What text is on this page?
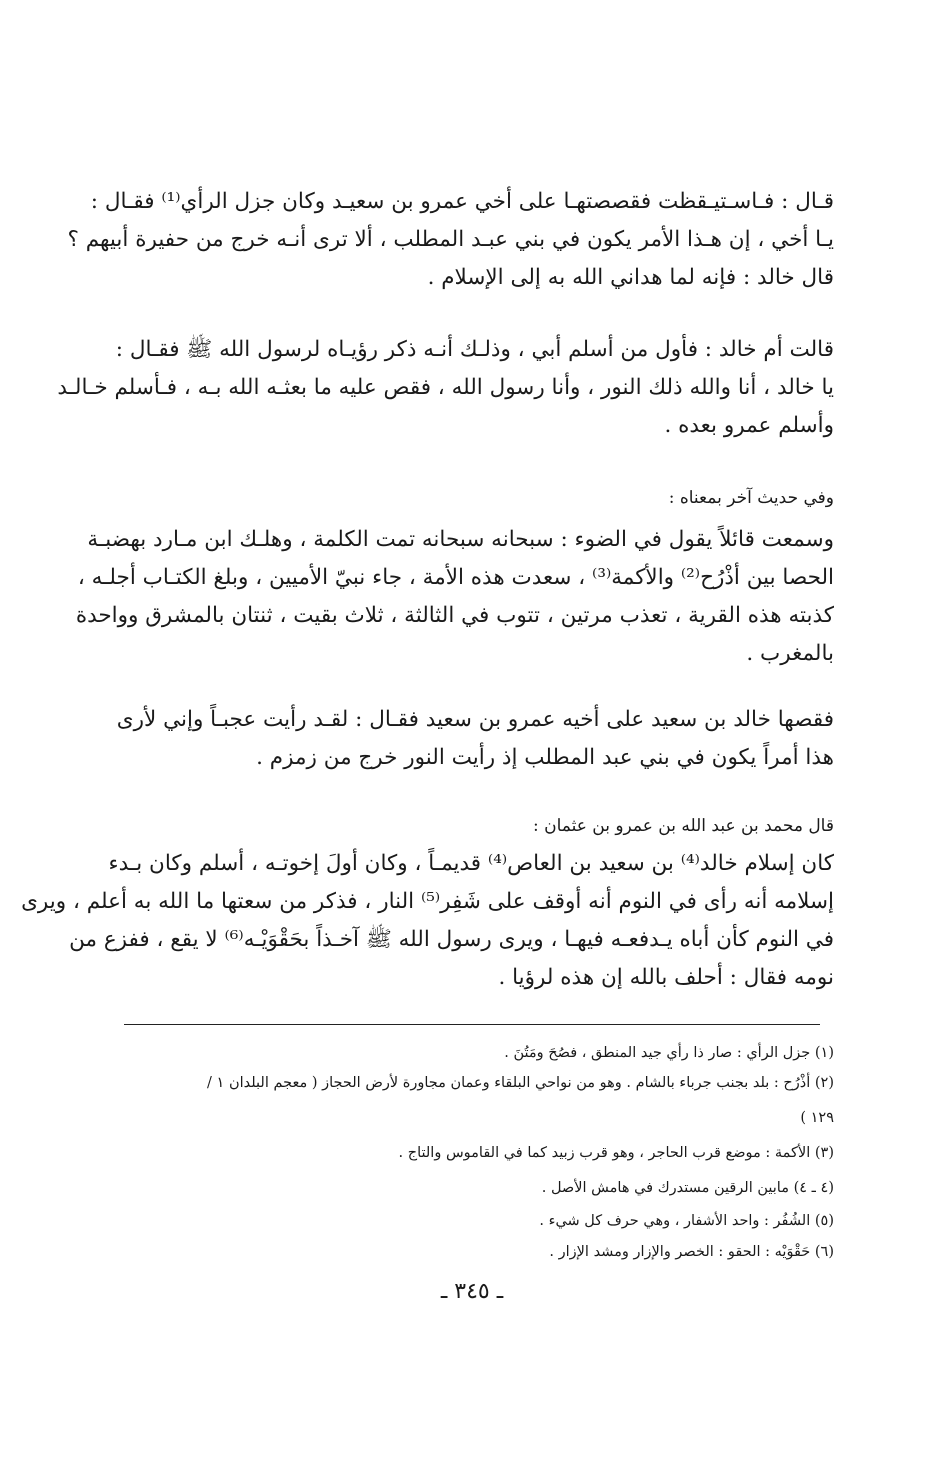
قـال : فـاسـتيـقظت فقصصتهـا على أخي عمرو بن سعيـد وكان جزل الرأي⁽¹⁾ فقـال :
يـا أخي ، إن هـذا الأمر يكون في بني عبـد المطلب ، ألا ترى أنـه خرج من حفيرة أبيهم ؟
قال خالد : فإنه لما هداني الله به إلى الإسلام .
قالت أم خالد : فأول من أسلم أبي ، وذلـك أنـه ذكر رؤيـاه لرسول الله ﷺ فقـال :
يا خالد ، أنا والله ذلك النور ، وأنا رسول الله ، فقص عليه ما بعثـه الله بـه ، فـأسلم خـالـد
وأسلم عمرو بعده .
وفي حديث آخر بمعناه :
وسمعت قائلاً يقول في الضوء : سبحانه سبحانه تمت الكلمة ، وهلـك ابن مـارد بهضبـة
الحصا بين أذْرُح⁽²⁾ والأكمة⁽³⁾ ، سعدت هذه الأمة ، جاء نبيّ الأميين ، وبلغ الكتـاب أجلـه ،
كذبته هذه القرية ، تعذب مرتين ، تتوب في الثالثة ، ثلاث بقيت ، ثنتان بالمشرق وواحدة
بالمغرب .
فقصها خالد بن سعيد على أخيه عمرو بن سعيد فقـال : لقـد رأيت عجبـاً وإني لأرى
هذا أمراً يكون في بني عبد المطلب إذ رأيت النور خرج من زمزم .
قال محمد بن عبد الله بن عمرو بن عثمان :
كان إسلام خالد⁽⁴⁾ بن سعيد بن العاص⁽⁴⁾ قديمـاً ، وكان أولَ إخوتـه ، أسلم وكان بـدء
إسلامه أنه رأى في النوم أنه أوقف على شَفِر⁽⁵⁾ النار ، فذكر من سعتها ما الله به أعلم ، ويرى
في النوم كأن أباه يـدفعـه فيهـا ، ويرى رسول الله ﷺ آخـذاً بحَقْوَيْـه⁽⁶⁾ لا يقع ، ففزع من
نومه فقال : أحلف بالله إن هذه لرؤيا .
(١) جزل الرأي : صار ذا رأي جيد المنطق ، فصُحَ ومَتُنَ .
(٢) أذْرُح : بلد بجنب جرباء بالشام . وهو من نواحي البلقاء وعمان مجاورة لأرض الحجاز ( معجم البلدان ١ /
١٢٩ )
(٣) الأكمة : موضع قرب الحاجر ، وهو قرب زبيد كما في القاموس والتاج .
(٤ ـ ٤) مابين الرقين مستدرك في هامش الأصل .
(٥) الشُفُر : واحد الأشفار ، وهي حرف كل شيء .
(٦) حَقْوَيْه : الحقو : الخصر والإزار ومشد الإزار .
ـ ٣٤٥ ـ
